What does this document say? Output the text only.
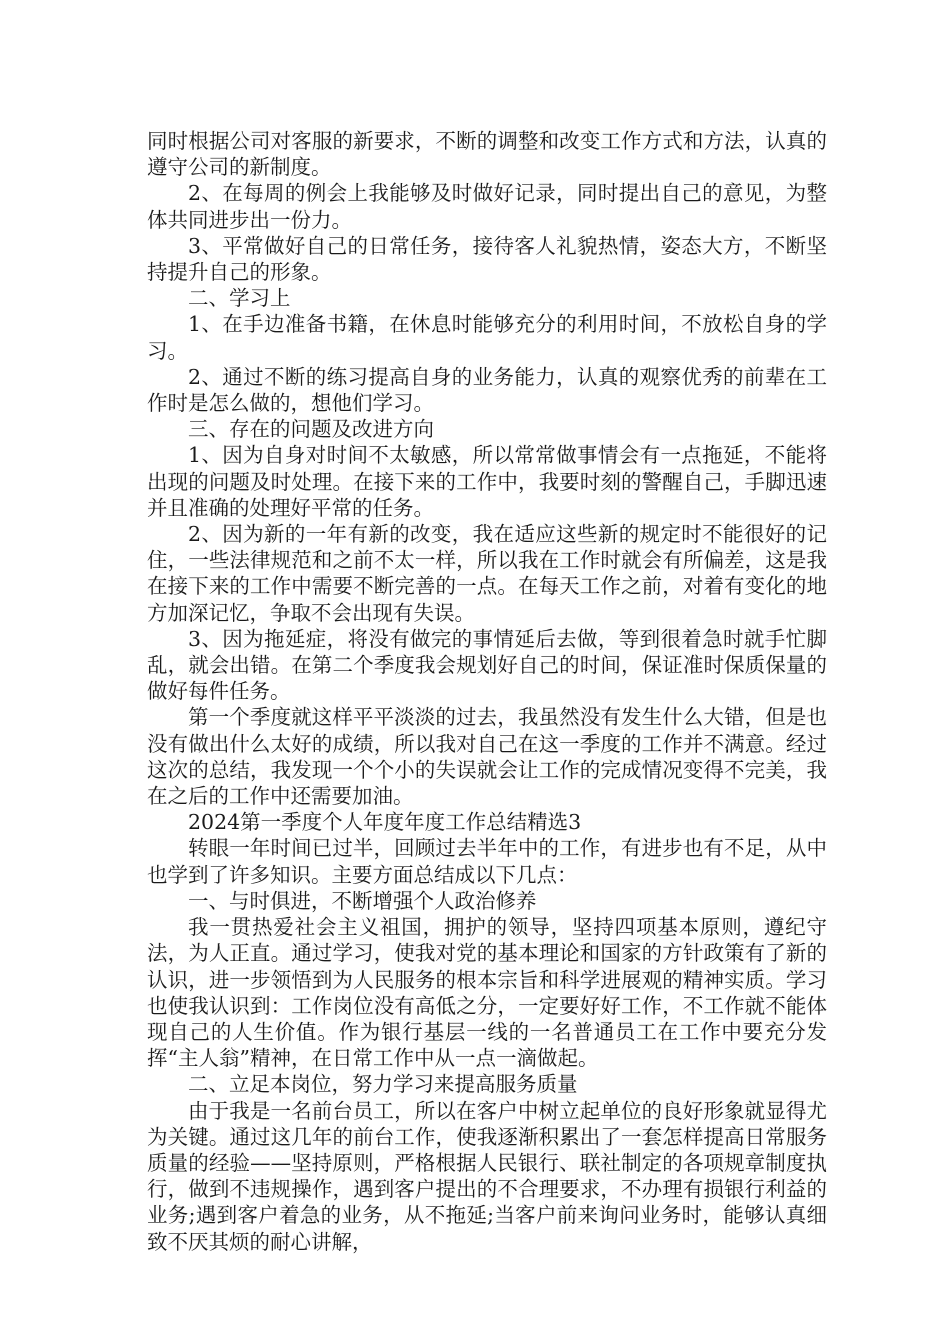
同时根据公司对客服的新要求，不断的调整和改变工作方式和方法，认真的遵守公司的新制度。

2、在每周的例会上我能够及时做好记录，同时提出自己的意见，为整体共同进步出一份力。

3、平常做好自己的日常任务，接待客人礼貌热情，姿态大方，不断坚持提升自己的形象。

二、学习上

1、在手边准备书籍，在休息时能够充分的利用时间，不放松自身的学习。

2、通过不断的练习提高自身的业务能力，认真的观察优秀的前辈在工作时是怎么做的，想他们学习。

三、存在的问题及改进方向

1、因为自身对时间不太敏感，所以常常做事情会有一点拖延，不能将出现的问题及时处理。在接下来的工作中，我要时刻的警醒自己，手脚迅速并且准确的处理好平常的任务。

2、因为新的一年有新的改变，我在适应这些新的规定时不能很好的记住，一些法律规范和之前不太一样，所以我在工作时就会有所偏差，这是我在接下来的工作中需要不断完善的一点。在每天工作之前，对着有变化的地方加深记忆，争取不会出现有失误。

3、因为拖延症，将没有做完的事情延后去做，等到很着急时就手忙脚乱，就会出错。在第二个季度我会规划好自己的时间，保证准时保质保量的做好每件任务。

第一个季度就这样平平淡淡的过去，我虽然没有发生什么大错，但是也没有做出什么太好的成绩，所以我对自己在这一季度的工作并不满意。经过这次的总结，我发现一个个小的失误就会让工作的完成情况变得不完美，我在之后的工作中还需要加油。

2024第一季度个人年度年度工作总结精选3

转眼一年时间已过半，回顾过去半年中的工作，有进步也有不足，从中也学到了许多知识。主要方面总结成以下几点：

一、与时俱进，不断增强个人政治修养

我一贯热爱社会主义祖国，拥护的领导，坚持四项基本原则，遵纪守法，为人正直。通过学习，使我对党的基本理论和国家的方针政策有了新的认识，进一步领悟到为人民服务的根本宗旨和科学进展观的精神实质。学习也使我认识到：工作岗位没有高低之分，一定要好好工作，不工作就不能体现自己的人生价值。作为银行基层一线的一名普通员工在工作中要充分发挥“主人翁”精神，在日常工作中从一点一滴做起。

二、立足本岗位，努力学习来提高服务质量

由于我是一名前台员工，所以在客户中树立起单位的良好形象就显得尤为关键。通过这几年的前台工作，使我逐渐积累出了一套怎样提高日常服务质量的经验——坚持原则，严格根据人民银行、联社制定的各项规章制度执行，做到不违规操作，遇到客户提出的不合理要求，不办理有损银行利益的业务;遇到客户着急的业务，从不拖延;当客户前来询问业务时，能够认真细致不厌其烦的耐心讲解，
